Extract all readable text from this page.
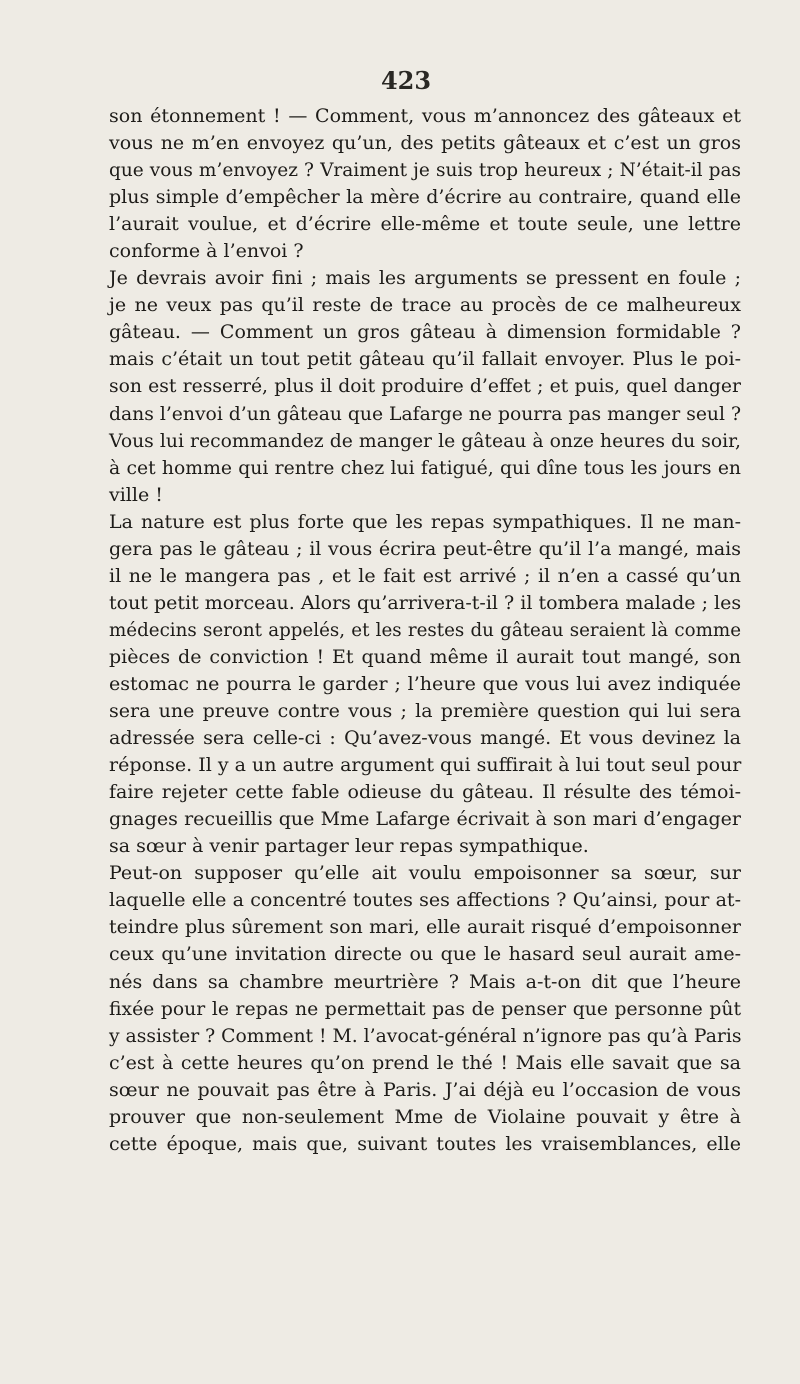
423
son étonnement ! — Comment, vous m’annoncez des gâteaux et
vous ne m’en envoyez qu’un, des petits gâteaux et c’est un gros
que vous m’envoyez ? Vraiment je suis trop heureux ; N’était-il pas
plus simple d’empêcher la mère d’écrire au contraire, quand elle
l’aurait voulue, et d’écrire elle-même et toute seule, une lettre
conforme à l’envoi ?
Je devrais avoir fini ; mais les arguments se pressent en foule ;
je ne veux pas qu’il reste de trace au procès de ce malheureux
gâteau. — Comment un gros gâteau à dimension formidable ?
mais c’était un tout petit gâteau qu’il fallait envoyer. Plus le poi-
son est resserré, plus il doit produire d’effet ; et puis, quel danger
dans l’envoi d’un gâteau que Lafarge ne pourra pas manger seul ?
Vous lui recommandez de manger le gâteau à onze heures du soir,
à cet homme qui rentre chez lui fatigué, qui dîne tous les jours en
ville !
La nature est plus forte que les repas sympathiques. Il ne man-
gera pas le gâteau ; il vous écrira peut-être qu’il l’a mangé, mais
il ne le mangera pas , et le fait est arrivé ; il n’en a cassé qu’un
tout petit morceau. Alors qu’arrivera-t-il ? il tombera malade ; les
médecins seront appelés, et les restes du gâteau seraient là comme
pièces de conviction ! Et quand même il aurait tout mangé, son
estomac ne pourra le garder ; l’heure que vous lui avez indiquée
sera une preuve contre vous ; la première question qui lui sera
adressée sera celle-ci : Qu’avez-vous mangé. Et vous devinez la
réponse. Il y a un autre argument qui suffirait à lui tout seul pour
faire rejeter cette fable odieuse du gâteau. Il résulte des témoi-
gnages recueillis que Mme Lafarge écrivait à son mari d’engager
sa sœur à venir partager leur repas sympathique.
Peut-on supposer qu’elle ait voulu empoisonner sa sœur, sur
laquelle elle a concentré toutes ses affections ? Qu’ainsi, pour at-
teindre plus sûrement son mari, elle aurait risqué d’empoisonner
ceux qu’une invitation directe ou que le hasard seul aurait ame-
nés dans sa chambre meurtrière ? Mais a-t-on dit que l’heure
fixée pour le repas ne permettait pas de penser que personne pût
y assister ? Comment ! M. l’avocat-général n’ignore pas qu’à Paris
c’est à cette heures qu’on prend le thé ! Mais elle savait que sa
sœur ne pouvait pas être à Paris. J’ai déjà eu l’occasion de vous
prouver que non-seulement Mme de Violaine pouvait y être à
cette époque, mais que, suivant toutes les vraisemblances, elle
